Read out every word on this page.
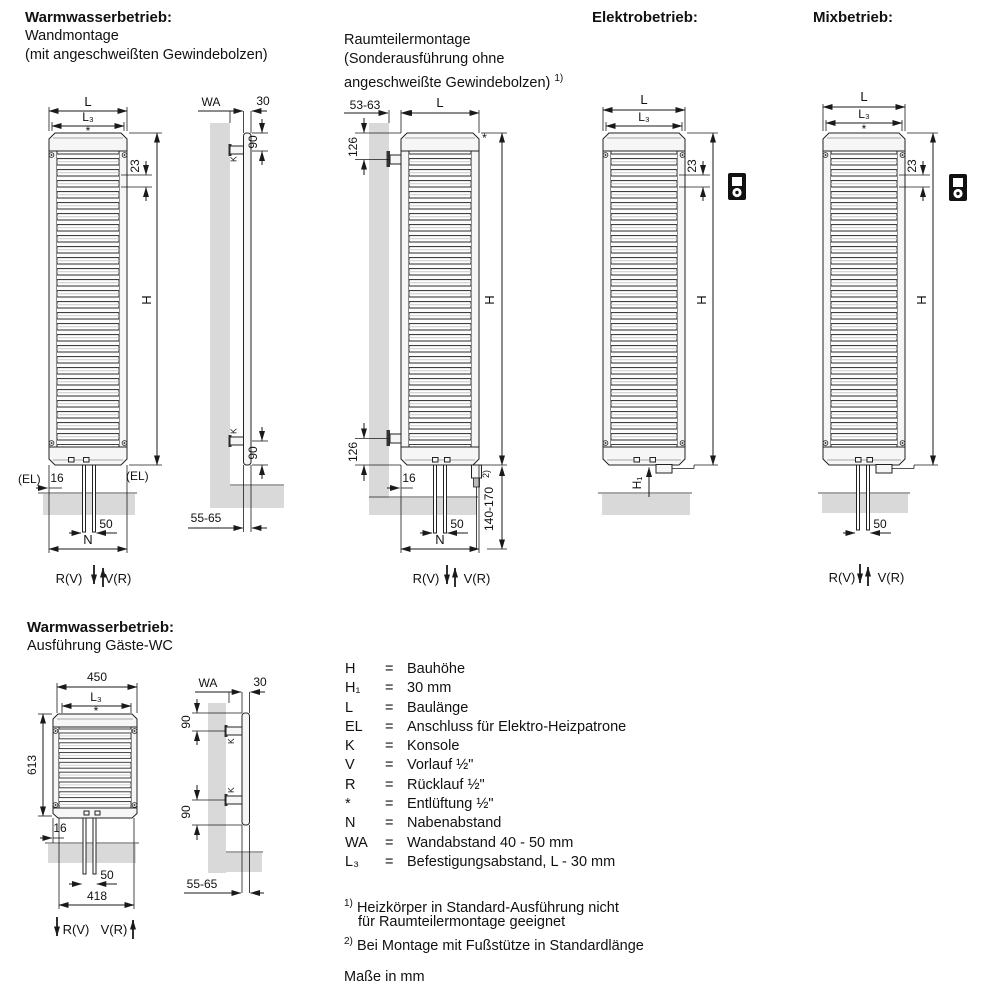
L
L₃
*
23
H
(EL)	(EL)
16
50
N
R(V) V(R)
WA	30
K
K
90
90
55-65
53-63	L
126
126
*
H
140-170
2)
16
50
N
R(V) V(R)
L
L₃
23
H
H₁
L
L₃
*
23
H
50
R(V) V(R)
450
L₃
*
613
16
50
418
R(V) V(R)
WA	30
K
K
90
90
55-65
Warmwasserbetrieb:
Wandmontage
(mit angeschweißten Gewindebolzen)
Raumteilermontage
(Sonderausführung ohne
angeschweißte Gewindebolzen) $^{1)}$
Elektrobetrieb:	Mixbetrieb:
Warmwasserbetrieb:
Ausführung Gäste-WC
H	= Bauhöhe
H₁	= 30 mm
L	= Baulänge
EL	= Anschluss für Elektro-Heizpatrone
K	= Konsole
V	= Vorlauf ½"
R	= Rücklauf ½"
*	= Entlüftung ½"
N	= Nabenabstand
WA	= Wandabstand 40 - 50 mm
L₃	= Befestigungsabstand, L - 30 mm
$^{1)}$ Heizkörper in Standard-Ausführung nicht
für Raumteilermontage geeignet
$^{2)}$ Bei Montage mit Fußstütze in Standardlänge
Maße in mm
